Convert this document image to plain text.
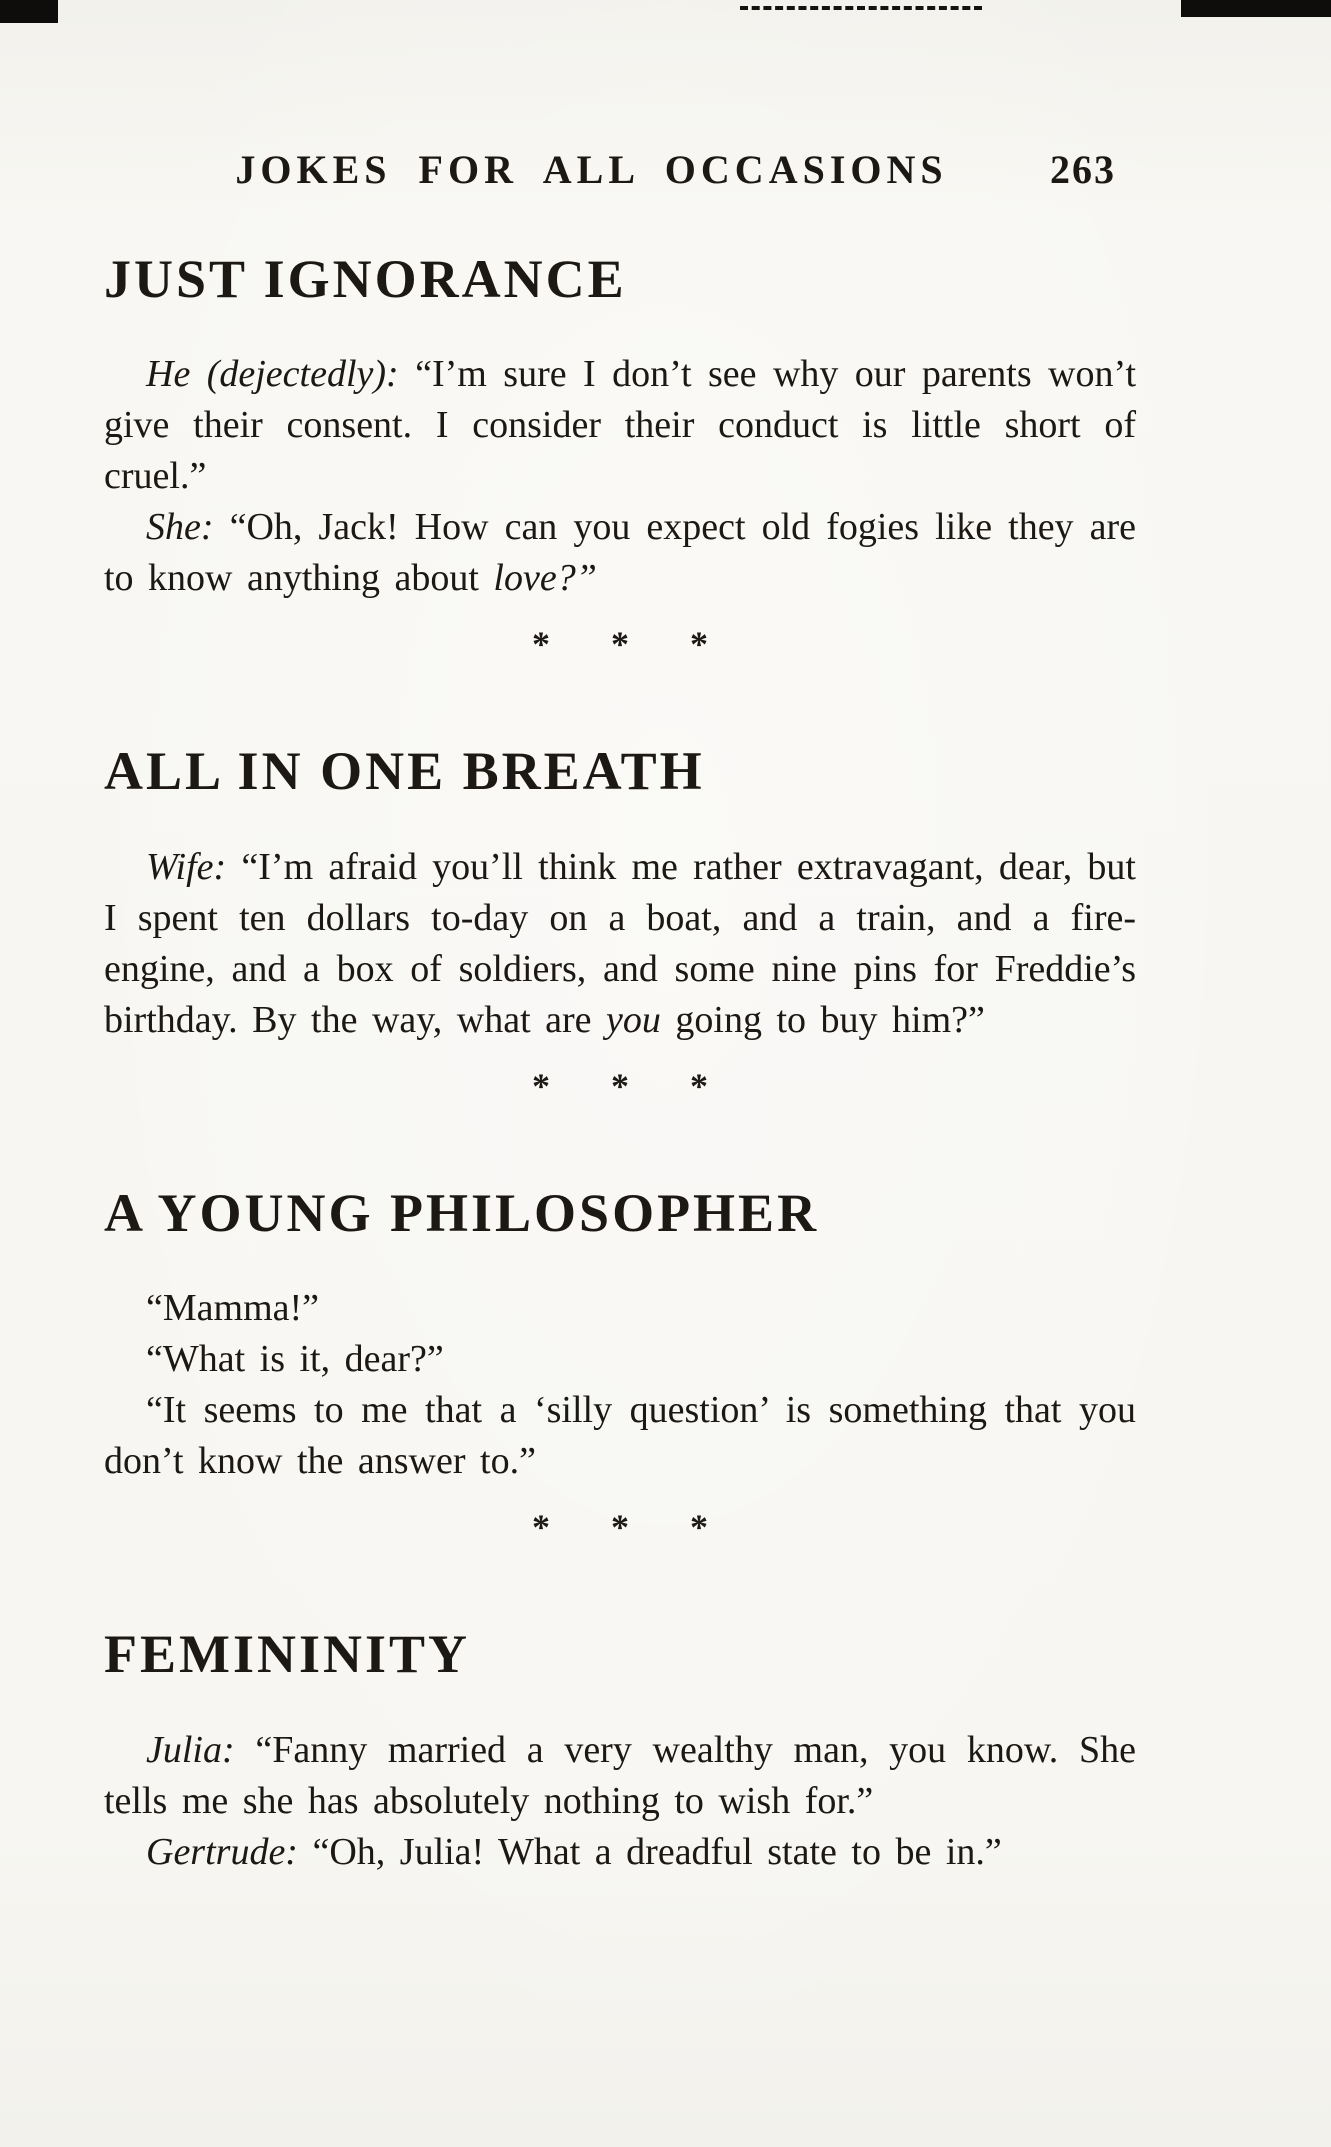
JOKES FOR ALL OCCASIONS	263
JUST IGNORANCE

He (dejectedly): “I’m sure I don’t see why our parents won’t give their consent. I consider their conduct is little short of cruel.”

She: “Oh, Jack! How can you expect old fogies like they are to know anything about love?”

* * *
ALL IN ONE BREATH

Wife: “I’m afraid you’ll think me rather extravagant, dear, but I spent ten dollars to-day on a boat, and a train, and a fire-engine, and a box of soldiers, and some nine pins for Freddie’s birthday. By the way, what are you going to buy him?”

* * *
A YOUNG PHILOSOPHER

“Mamma!”

“What is it, dear?”

“It seems to me that a ‘silly question’ is something that you don’t know the answer to.”

* * *
FEMININITY

Julia: “Fanny married a very wealthy man, you know. She tells me she has absolutely nothing to wish for.”

Gertrude: “Oh, Julia! What a dreadful state to be in.”
